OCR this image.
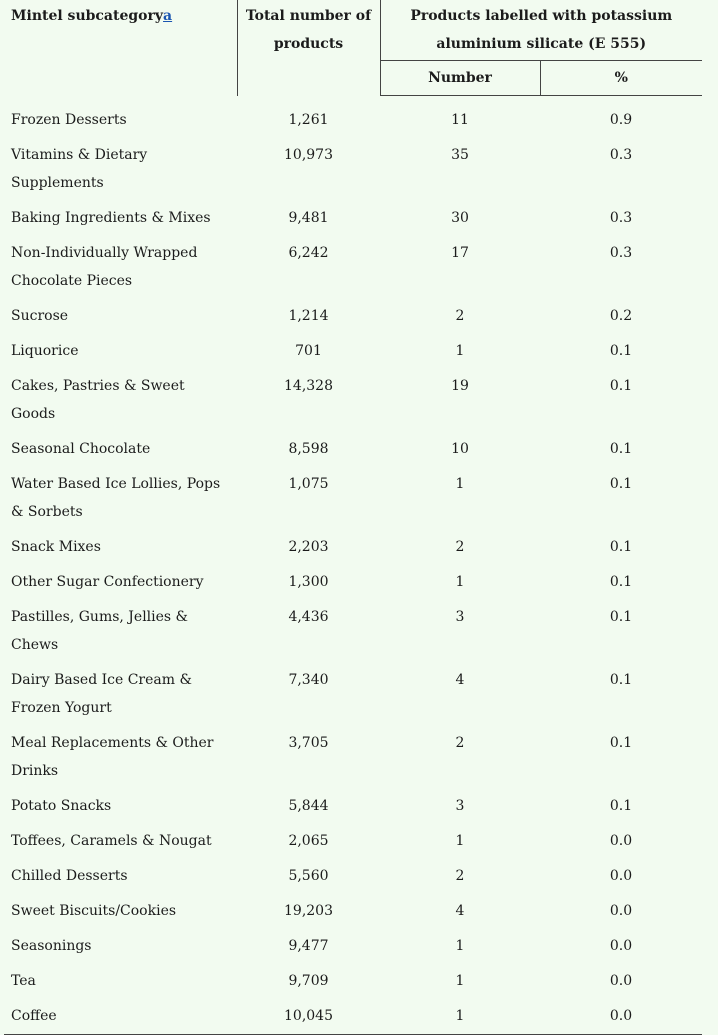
Mintel subcategorya	Total number of products	Products labelled with potassium aluminium silicate (E 555)	
		Number	%
Frozen Desserts	1,261	11	0.9
Vitamins & Dietary Supplements	10,973	35	0.3
Baking Ingredients & Mixes	9,481	30	0.3
Non-Individually Wrapped Chocolate Pieces	6,242	17	0.3
Sucrose	1,214	2	0.2
Liquorice	701	1	0.1
Cakes, Pastries & Sweet Goods	14,328	19	0.1
Seasonal Chocolate	8,598	10	0.1
Water Based Ice Lollies, Pops & Sorbets	1,075	1	0.1
Snack Mixes	2,203	2	0.1
Other Sugar Confectionery	1,300	1	0.1
Pastilles, Gums, Jellies & Chews	4,436	3	0.1
Dairy Based Ice Cream & Frozen Yogurt	7,340	4	0.1
Meal Replacements & Other Drinks	3,705	2	0.1
Potato Snacks	5,844	3	0.1
Toffees, Caramels & Nougat	2,065	1	0.0
Chilled Desserts	5,560	2	0.0
Sweet Biscuits/Cookies	19,203	4	0.0
Seasonings	9,477	1	0.0
Tea	9,709	1	0.0
Coffee	10,045	1	0.0
